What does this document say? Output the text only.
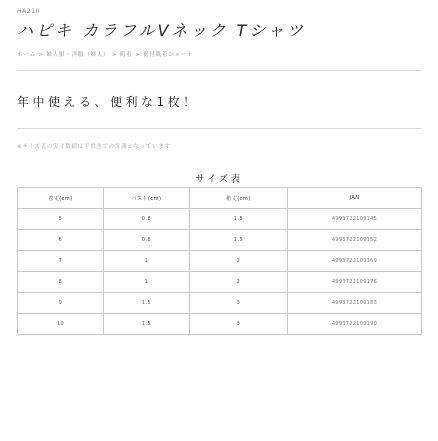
HA210
ハピキ カラフルVネック Tシャツ
ホーム > 婦人服・洋服（婦人） > 肌着 > 裾付肌着ショート
年中使える、便利な1枚！
※サイズ表の実寸数値は平置きでの計測となっています
サイズ表
着丈(cm)	バスト(cm)	裄丈(cm)	JAN
5	0.8	1.5	4993722109145
6	0.8	1.5	4993722109152
7	1	2	4993722109169
8	1	2	4993722109176
9	1.5	3	4993722109183
10	1.5	3	4993722109190
